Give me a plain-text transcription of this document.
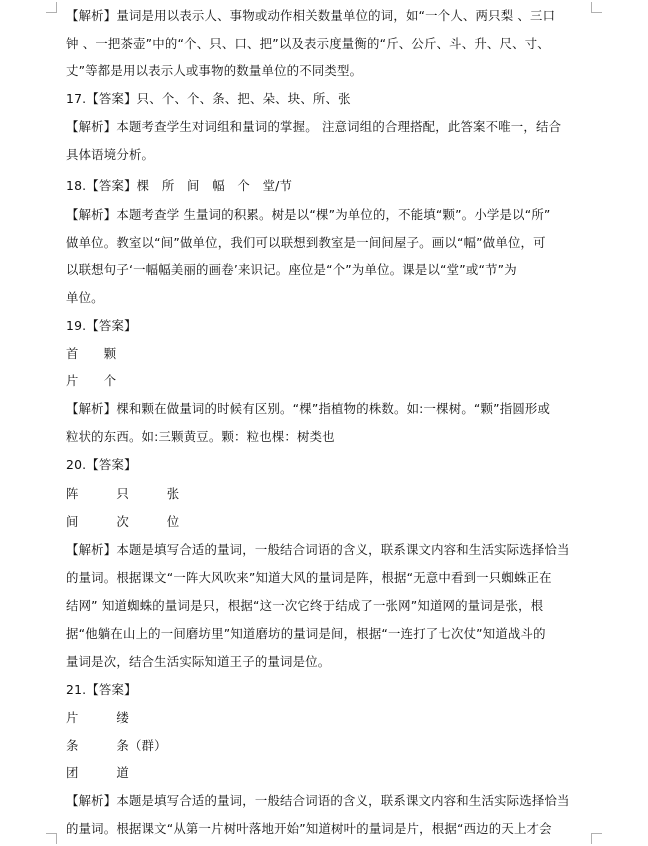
【解析】量词是用以表示人、事物或动作相关数量单位的词，如“一个人、两只梨 、三口
钟 、一把茶壶”中的“个、只、口、把”以及表示度量衡的“斤、公斤、斗、升、尺、寸、
丈”等都是用以表示人或事物的数量单位的不同类型。
17.【答案】只、个、个、条、把、朵、块、所、张
【解析】本题考查学生对词组和量词的掌握。 注意词组的合理搭配，此答案不唯一，结合
具体语境分析。
18.【答案】棵　所　间　幅　个　堂/节
【解析】本题考查学 生量词的积累。树是以“棵”为单位的，不能填“颗”。小学是以“所”
做单位。教室以“间”做单位，我们可以联想到教室是一间间屋子。画以“幅”做单位，可
以联想句子‘一幅幅美丽的画卷’来识记。座位是“个”为单位。课是以“堂”或“节”为
单位。
19.【答案】
首　　颗
片　　个
【解析】棵和颗在做量词的时候有区别。“棵”指植物的株数。如:一棵树。“颗”指圆形或
粒状的东西。如:三颗黄豆。颗：粒也棵：树类也
20.【答案】
阵　　　只　　　张
间　　　次　　　位
【解析】本题是填写合适的量词，一般结合词语的含义，联系课文内容和生活实际选择恰当
的量词。根据课文“一阵大风吹来”知道大风的量词是阵，根据“无意中看到一只蜘蛛正在
结网” 知道蜘蛛的量词是只，根据“这一次它终于结成了一张网”知道网的量词是张，根
据“他躺在山上的一间磨坊里”知道磨坊的量词是间，根据“一连打了七次仗”知道战斗的
量词是次，结合生活实际知道王子的量词是位。
21.【答案】
片　　　缕
条　　　条（群）
团　　　道
【解析】本题是填写合适的量词，一般结合词语的含义，联系课文内容和生活实际选择恰当
的量词。根据课文“从第一片树叶落地开始”知道树叶的量词是片，根据“西边的天上才会
